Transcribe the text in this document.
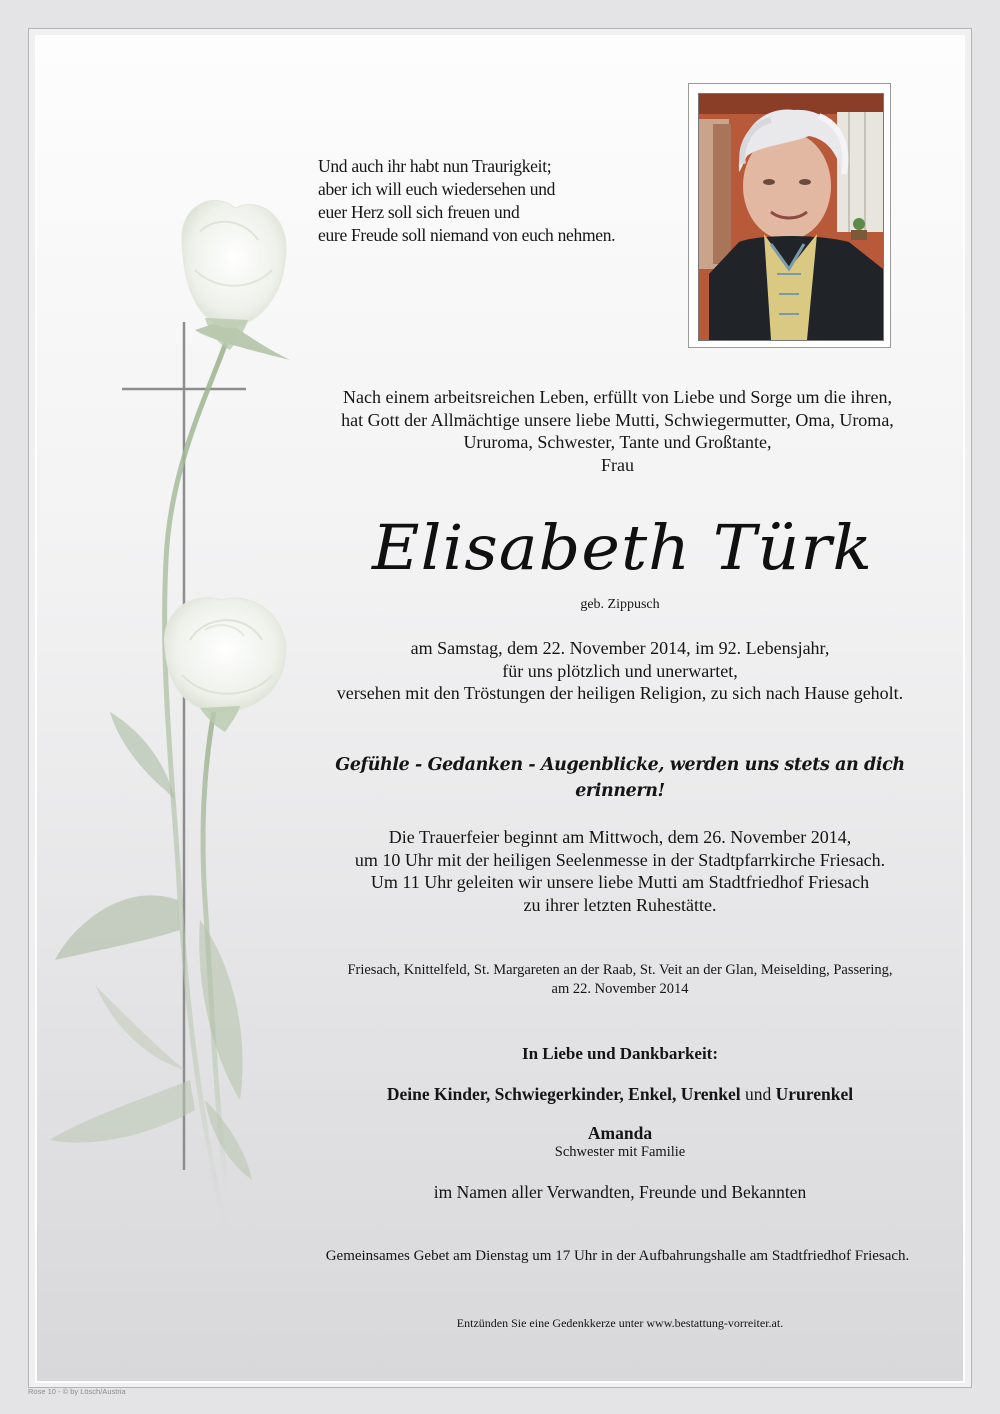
Und auch ihr habt nun Traurigkeit;
aber ich will euch wiedersehen und
euer Herz soll sich freuen und
eure Freude soll niemand von euch nehmen.
Nach einem arbeitsreichen Leben, erfüllt von Liebe und Sorge um die ihren,
hat Gott der Allmächtige unsere liebe Mutti, Schwiegermutter, Oma, Uroma,
Ururoma, Schwester, Tante und Großtante,
Frau
Elisabeth Türk
geb. Zippusch
am Samstag, dem 22. November 2014, im 92. Lebensjahr,
für uns plötzlich und unerwartet,
versehen mit den Tröstungen der heiligen Religion, zu sich nach Hause geholt.
Gefühle - Gedanken - Augenblicke, werden uns stets an dich erinnern!
Die Trauerfeier beginnt am Mittwoch, dem 26. November 2014,
um 10 Uhr mit der heiligen Seelenmesse in der Stadtpfarrkirche Friesach.
Um 11 Uhr geleiten wir unsere liebe Mutti am Stadtfriedhof Friesach
zu ihrer letzten Ruhestätte.
Friesach, Knittelfeld, St. Margareten an der Raab, St. Veit an der Glan, Meiselding, Passering,
am 22. November 2014
In Liebe und Dankbarkeit:
Deine Kinder, Schwiegerkinder, Enkel, Urenkel und Ururenkel
Amanda
Schwester mit Familie
im Namen aller Verwandten, Freunde und Bekannten
Gemeinsames Gebet am Dienstag um 17 Uhr in der Aufbahrungshalle am Stadtfriedhof Friesach.
Entzünden Sie eine Gedenkkerze unter www.bestattung-vorreiter.at.
Rose 10 - © by Lösch/Austria
